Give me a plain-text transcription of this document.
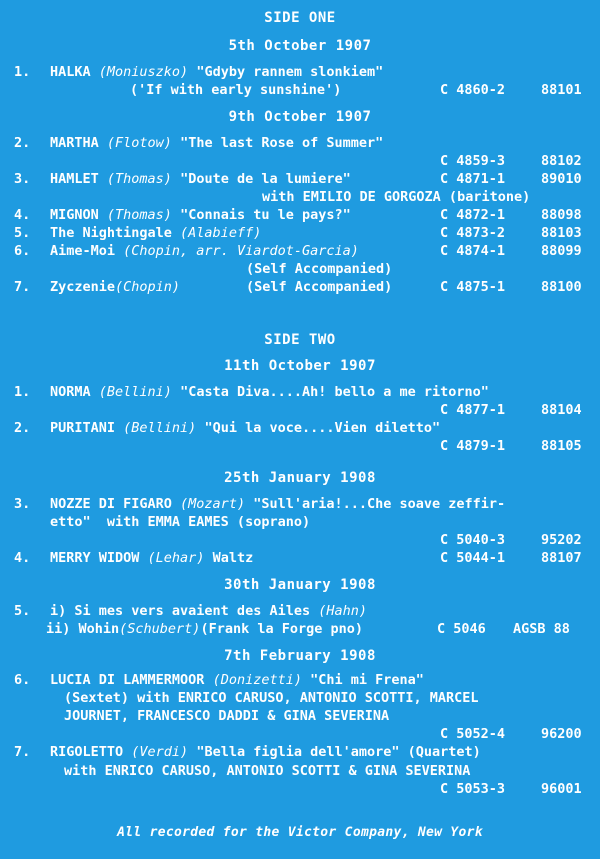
SIDE ONE
5th October 1907
1. HALKA (Moniuszko) "Gdyby rannem slonkiem"
('If with early sunshine')	C 4860-2	88101
9th October 1907
2. MARTHA (Flotow) "The last Rose of Summer"
C 4859-3	88102
3. HAMLET (Thomas) "Doute de la lumiere"	C 4871-1	89010
with EMILIO DE GORGOZA (baritone)
4. MIGNON (Thomas) "Connais tu le pays?"	C 4872-1	88098
5. The Nightingale (Alabieff)	C 4873-2	88103
6. Aime-Moi (Chopin, arr. Viardot-Garcia)	C 4874-1	88099
(Self Accompanied)
7. Zyczenie(Chopin)	(Self Accompanied)	C 4875-1	88100
SIDE TWO
11th October 1907
1. NORMA (Bellini) "Casta Diva....Ah! bello a me ritorno"
C 4877-1	88104
2. PURITANI (Bellini) "Qui la voce....Vien diletto"
C 4879-1	88105
25th January 1908
3. NOZZE DI FIGARO (Mozart) "Sull'aria!...Che soave zeffir-
etto"  with EMMA EAMES (soprano)
C 5040-3	95202
4. MERRY WIDOW (Lehar) Waltz	C 5044-1	88107
30th January 1908
5. i) Si mes vers avaient des Ailes (Hahn)
ii) Wohin(Schubert)(Frank la Forge pno)	C 5046 AGSB 88
7th February 1908
6. LUCIA DI LAMMERMOOR (Donizetti) "Chi mi Frena"
(Sextet) with ENRICO CARUSO, ANTONIO SCOTTI, MARCEL
JOURNET, FRANCESCO DADDI & GINA SEVERINA
C 5052-4	96200
7. RIGOLETTO (Verdi) "Bella figlia dell'amore" (Quartet)
with ENRICO CARUSO, ANTONIO SCOTTI & GINA SEVERINA
C 5053-3	96001
All recorded for the Victor Company, New York
